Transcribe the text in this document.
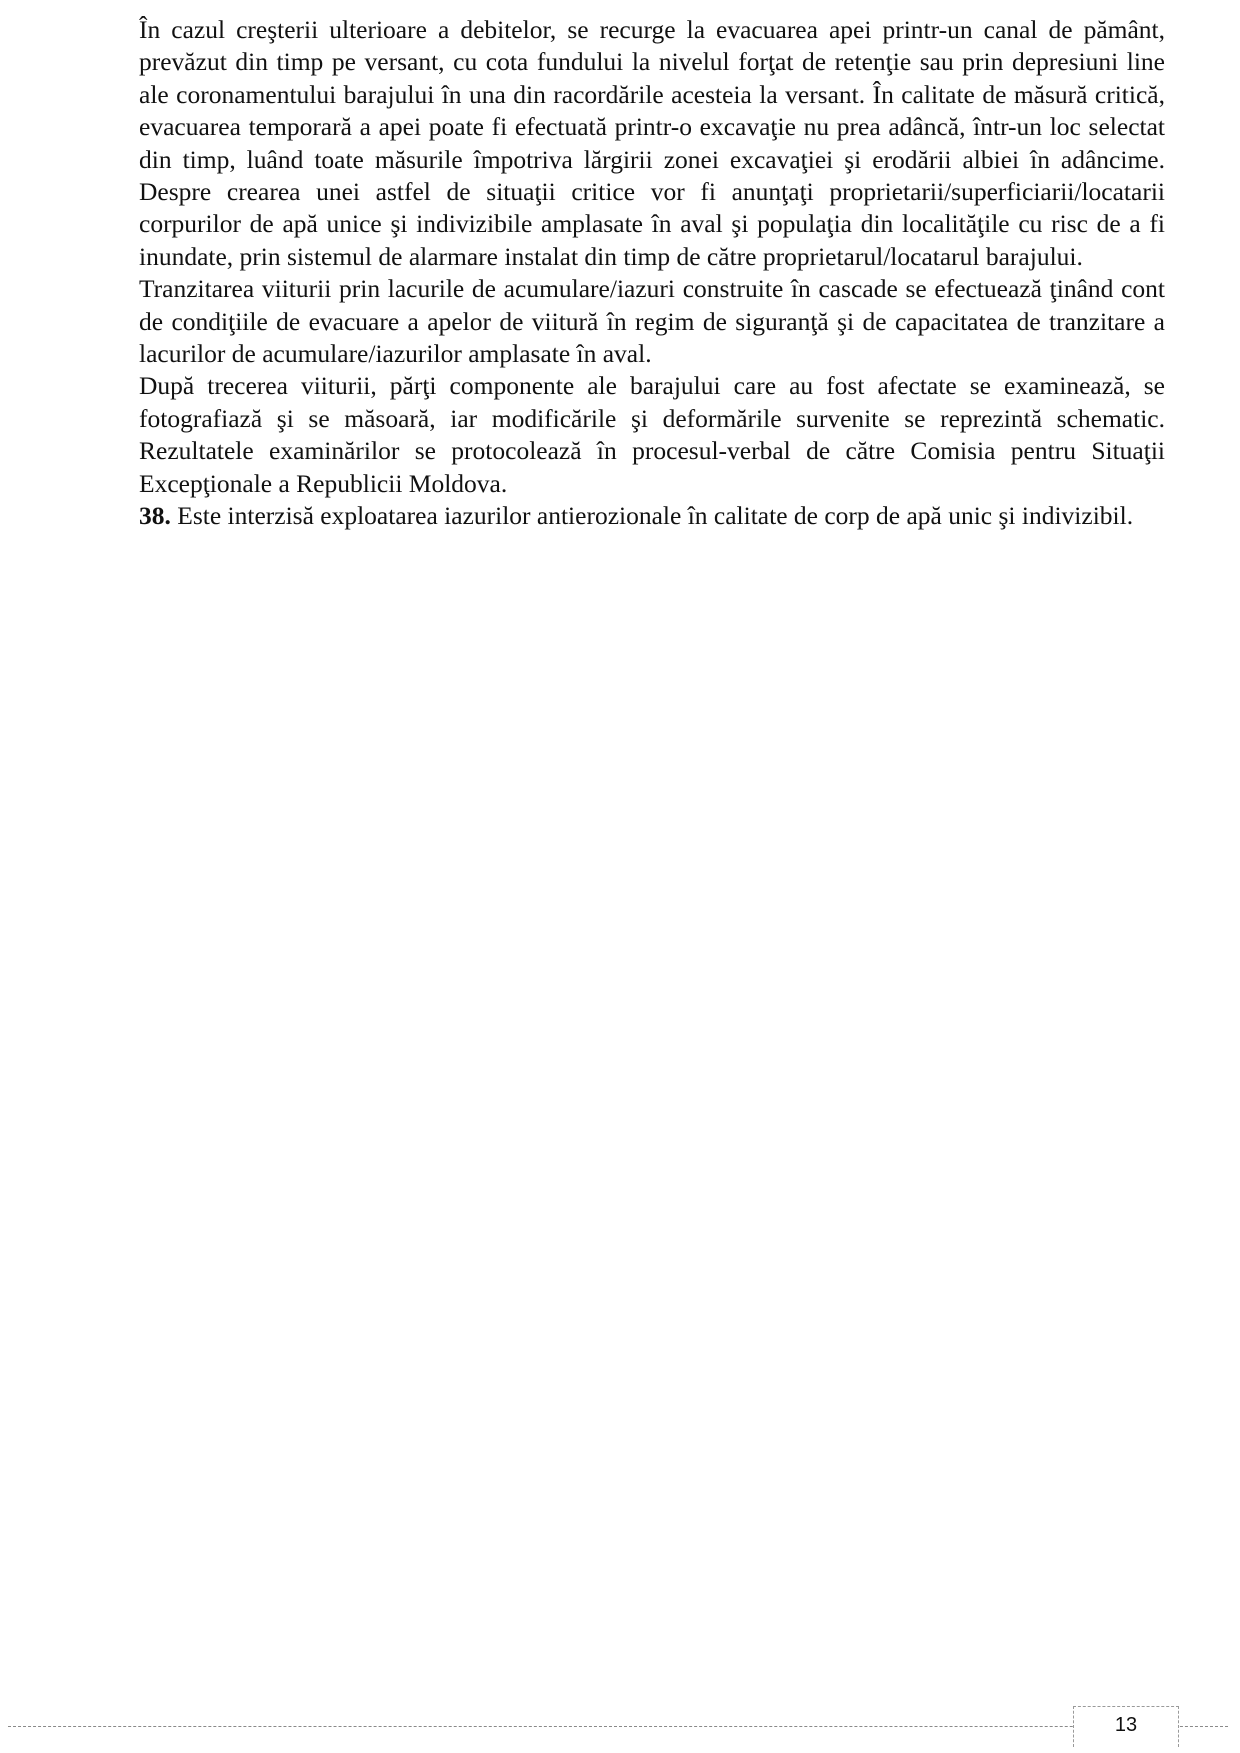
În cazul creşterii ulterioare a debitelor, se recurge la evacuarea apei printr-un canal de pământ, prevăzut din timp pe versant, cu cota fundului la nivelul forţat de retenţie sau prin depresiuni line ale coronamentului barajului în una din racordările acesteia la versant. În calitate de măsură critică, evacuarea temporară a apei poate fi efectuată printr-o excavaţie nu prea adâncă, într-un loc selectat din timp, luând toate măsurile împotriva lărgirii zonei excavaţiei şi erodării albiei în adâncime. Despre crearea unei astfel de situaţii critice vor fi anunţaţi proprietarii/superficiarii/locatarii corpurilor de apă unice şi indivizibile amplasate în aval şi populaţia din localităţile cu risc de a fi inundate, prin sistemul de alarmare instalat din timp de către proprietarul/locatarul barajului.

Tranzitarea viiturii prin lacurile de acumulare/iazuri construite în cascade se efectuează ţinând cont de condiţiile de evacuare a apelor de viitură în regim de siguranţă şi de capacitatea de tranzitare a lacurilor de acumulare/iazurilor amplasate în aval.

După trecerea viiturii, părţi componente ale barajului care au fost afectate se examinează, se fotografiază şi se măsoară, iar modificările şi deformările survenite se reprezintă schematic. Rezultatele examinărilor se protocolează în procesul-verbal de către Comisia pentru Situaţii Excepţionale a Republicii Moldova.

38. Este interzisă exploatarea iazurilor antierozionale în calitate de corp de apă unic şi indivizibil.

13
